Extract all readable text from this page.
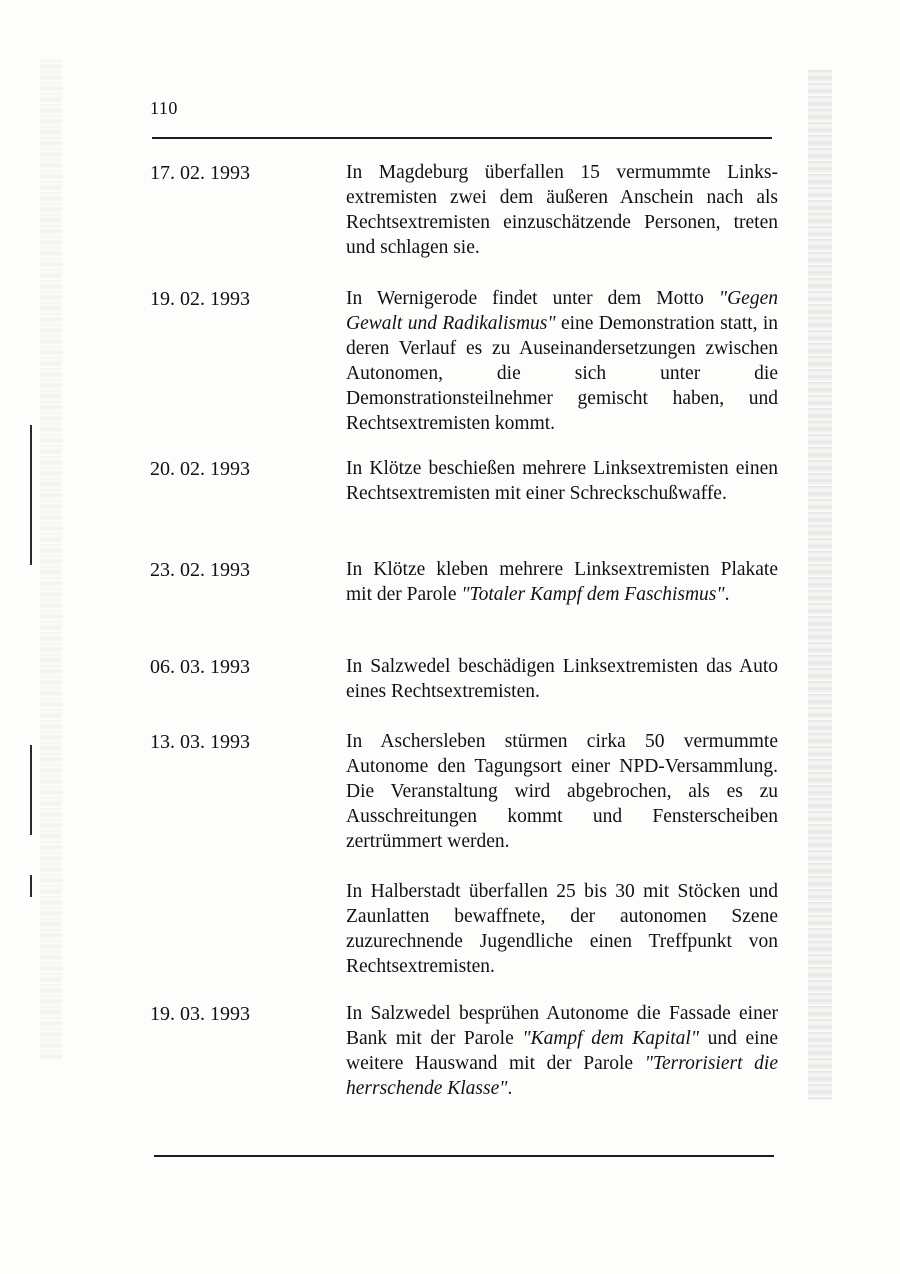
110
17. 02. 1993	In Magdeburg überfallen 15 vermummte Links-extremisten zwei dem äußeren Anschein nach als Rechtsextremisten einzuschätzende Personen, treten und schlagen sie.
19. 02. 1993	In Wernigerode findet unter dem Motto "Gegen Gewalt und Radikalismus" eine Demonstration statt, in deren Verlauf es zu Auseinandersetzungen zwischen Autonomen, die sich unter die Demonstrationsteilnehmer gemischt haben, und Rechtsextremisten kommt.
20. 02. 1993	In Klötze beschießen mehrere Linksextremisten einen Rechtsextremisten mit einer Schreckschußwaffe.
23. 02. 1993	In Klötze kleben mehrere Linksextremisten Plakate mit der Parole "Totaler Kampf dem Faschismus".
06. 03. 1993	In Salzwedel beschädigen Linksextremisten das Auto eines Rechtsextremisten.
13. 03. 1993	In Aschersleben stürmen cirka 50 vermummte Autonome den Tagungsort einer NPD-Versammlung. Die Veranstaltung wird abgebrochen, als es zu Ausschreitungen kommt und Fensterscheiben zertrümmert werden.
In Halberstadt überfallen 25 bis 30 mit Stöcken und Zaunlatten bewaffnete, der autonomen Szene zuzurechnende Jugendliche einen Treffpunkt von Rechtsextremisten.
19. 03. 1993	In Salzwedel besprühen Autonome die Fassade einer Bank mit der Parole "Kampf dem Kapital" und eine weitere Hauswand mit der Parole "Terrorisiert die herrschende Klasse".
